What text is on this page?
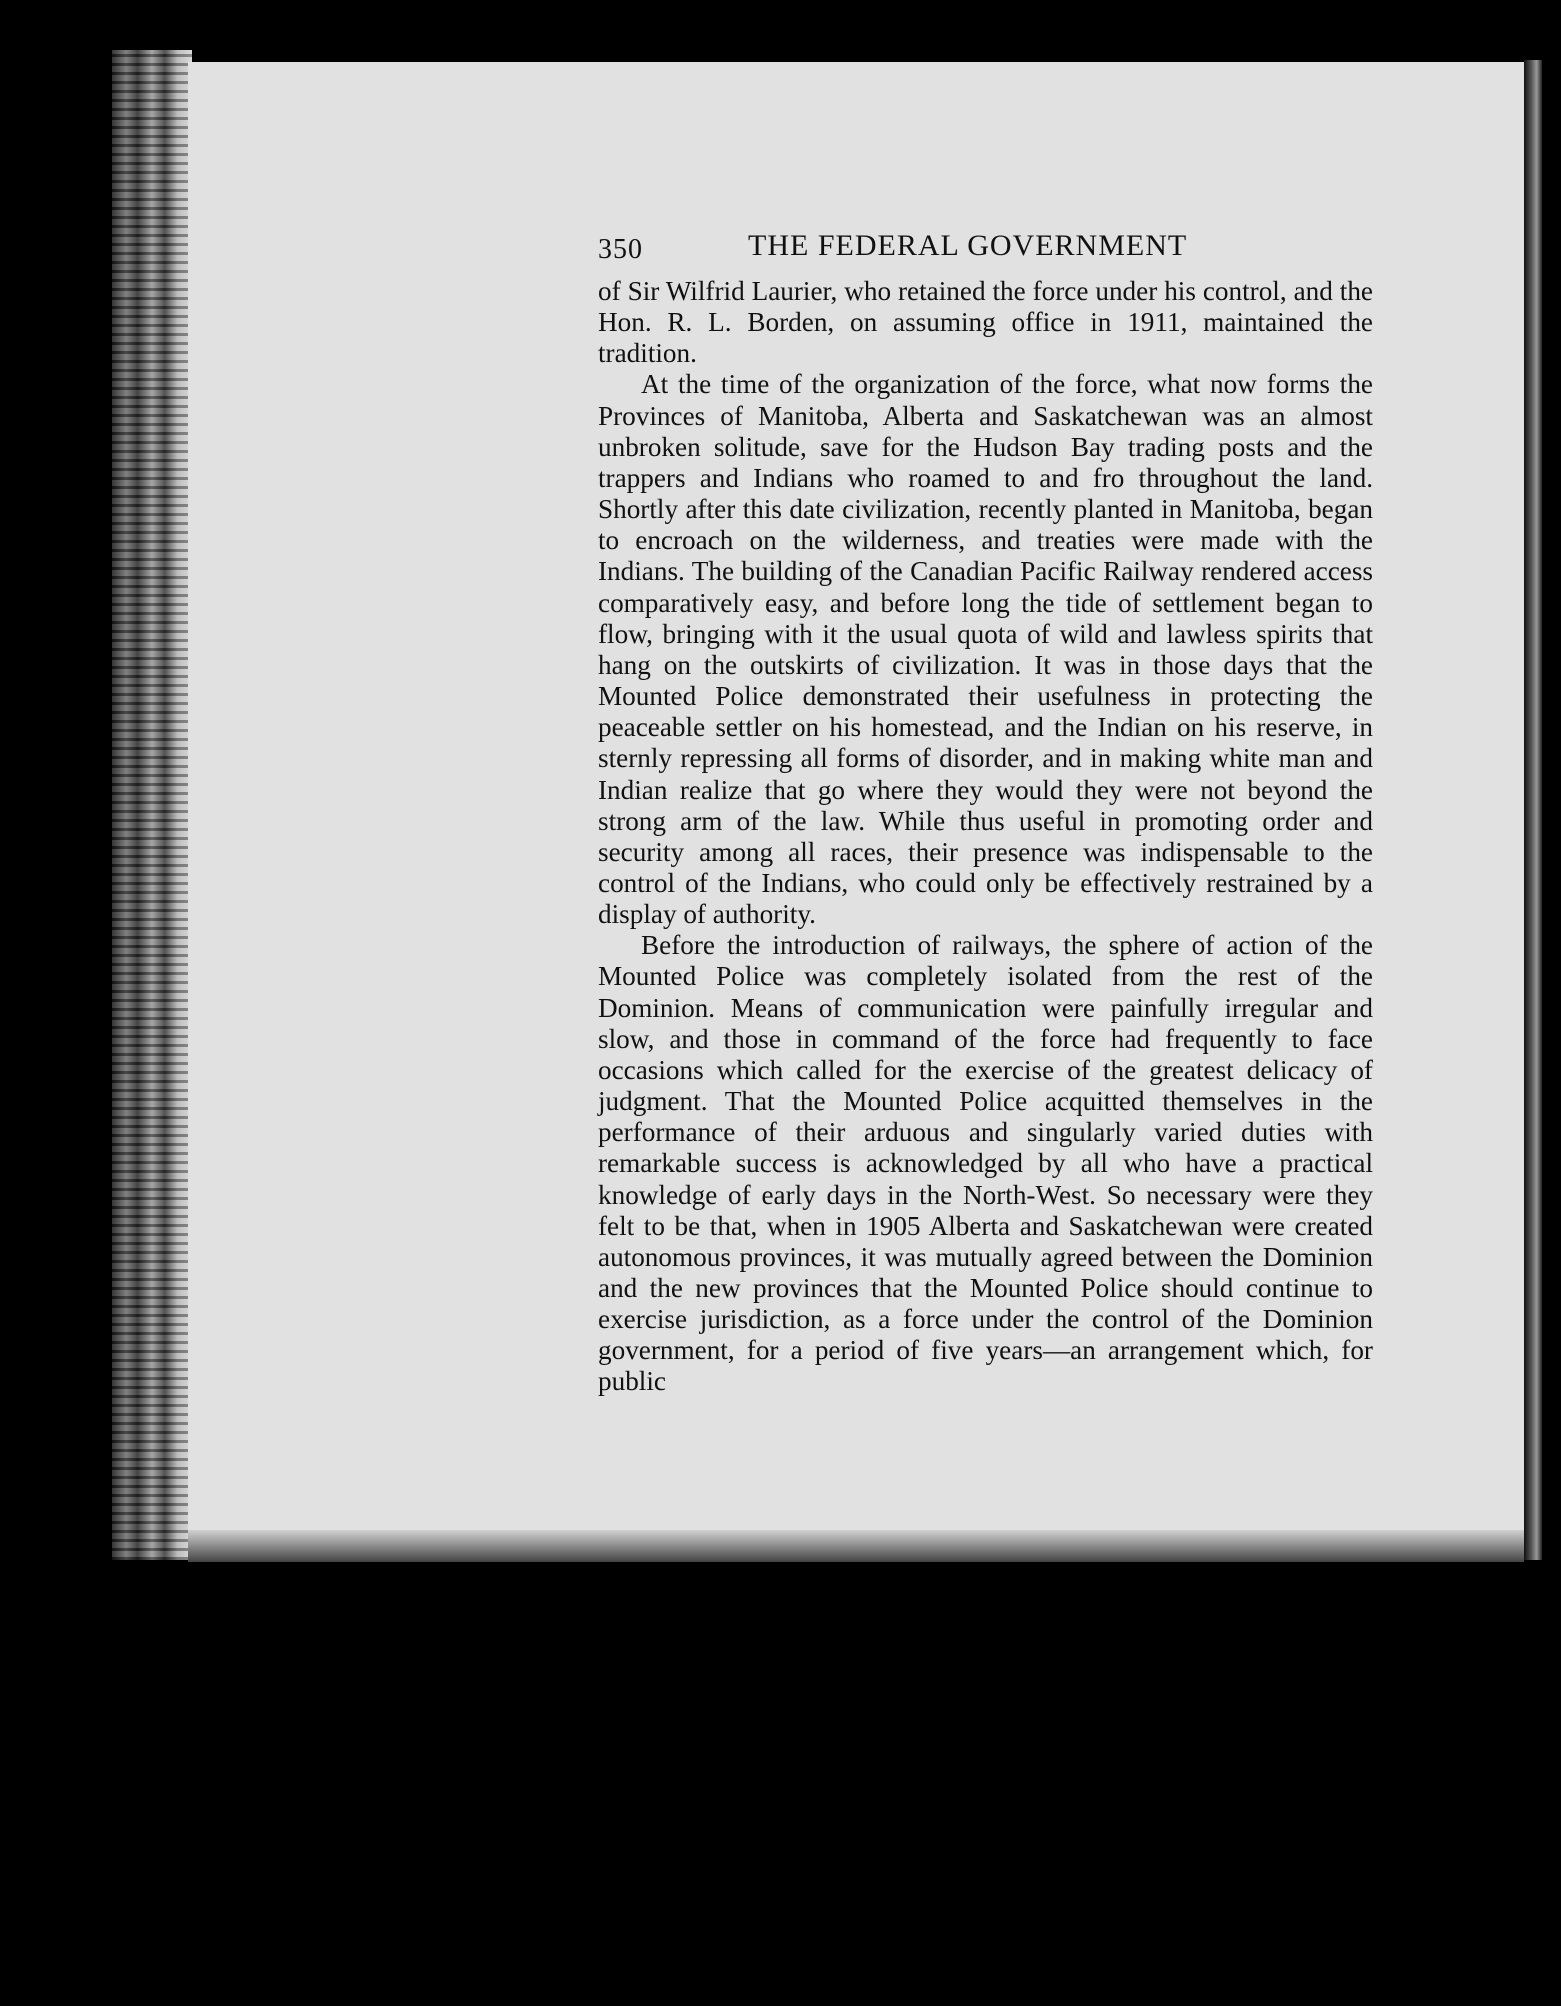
350	THE FEDERAL GOVERNMENT

of Sir Wilfrid Laurier, who retained the force under his control, and the Hon. R. L. Borden, on assuming office in 1911, maintained the tradition.

At the time of the organization of the force, what now forms the Provinces of Manitoba, Alberta and Saskatchewan was an almost unbroken solitude, save for the Hudson Bay trading posts and the trappers and Indians who roamed to and fro throughout the land. Shortly after this date civilization, recently planted in Manitoba, began to encroach on the wilderness, and treaties were made with the Indians. The building of the Canadian Pacific Railway rendered access comparatively easy, and before long the tide of settlement began to flow, bringing with it the usual quota of wild and lawless spirits that hang on the outskirts of civilization. It was in those days that the Mounted Police demonstrated their usefulness in protecting the peaceable settler on his homestead, and the Indian on his reserve, in sternly repressing all forms of disorder, and in making white man and Indian realize that go where they would they were not beyond the strong arm of the law. While thus useful in promoting order and security among all races, their presence was indispensable to the control of the Indians, who could only be effectively restrained by a display of authority.

Before the introduction of railways, the sphere of action of the Mounted Police was completely isolated from the rest of the Dominion. Means of communication were painfully irregular and slow, and those in command of the force had frequently to face occasions which called for the exercise of the greatest delicacy of judgment. That the Mounted Police acquitted themselves in the performance of their arduous and singularly varied duties with remarkable success is acknowledged by all who have a practical knowledge of early days in the North-West. So necessary were they felt to be that, when in 1905 Alberta and Saskatchewan were created autonomous provinces, it was mutually agreed between the Dominion and the new provinces that the Mounted Police should continue to exercise jurisdiction, as a force under the control of the Dominion government, for a period of five years—an arrangement which, for public
